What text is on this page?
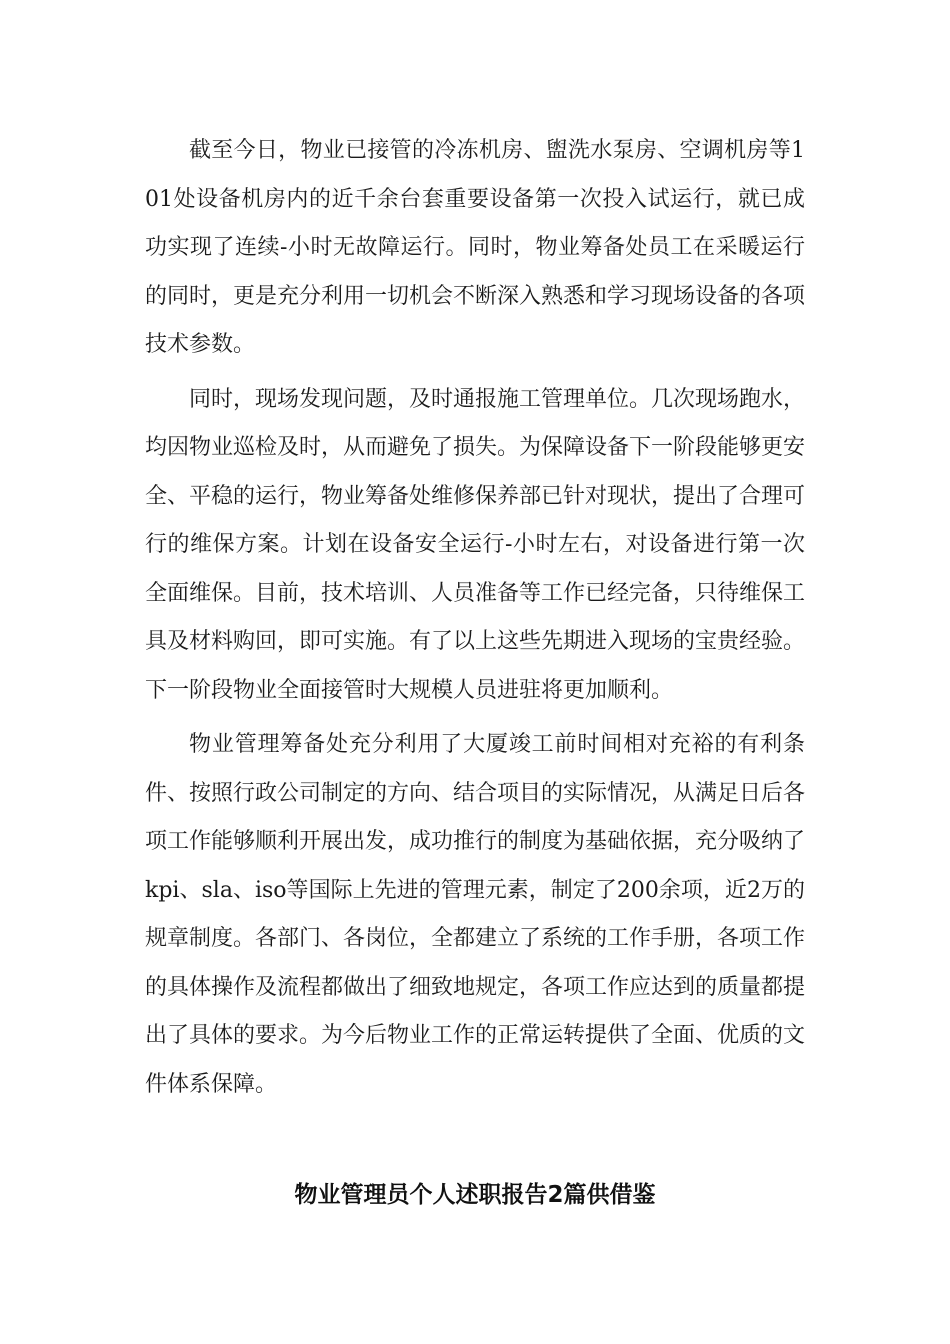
截至今日，物业已接管的冷冻机房、盥洗水泵房、空调机房等101处设备机房内的近千余台套重要设备第一次投入试运行，就已成功实现了连续-小时无故障运行。同时，物业筹备处员工在采暖运行的同时，更是充分利用一切机会不断深入熟悉和学习现场设备的各项技术参数。

同时，现场发现问题，及时通报施工管理单位。几次现场跑水，均因物业巡检及时，从而避免了损失。为保障设备下一阶段能够更安全、平稳的运行，物业筹备处维修保养部已针对现状，提出了合理可行的维保方案。计划在设备安全运行-小时左右，对设备进行第一次全面维保。目前，技术培训、人员准备等工作已经完备，只待维保工具及材料购回，即可实施。有了以上这些先期进入现场的宝贵经验。下一阶段物业全面接管时大规模人员进驻将更加顺利。

物业管理筹备处充分利用了大厦竣工前时间相对充裕的有利条件、按照行政公司制定的方向、结合项目的实际情况，从满足日后各项工作能够顺利开展出发，成功推行的制度为基础依据，充分吸纳了kpi、sla、iso等国际上先进的管理元素，制定了200余项，近2万的规章制度。各部门、各岗位，全都建立了系统的工作手册，各项工作的具体操作及流程都做出了细致地规定，各项工作应达到的质量都提出了具体的要求。为今后物业工作的正常运转提供了全面、优质的文件体系保障。

物业管理员个人述职报告2篇供借鉴
